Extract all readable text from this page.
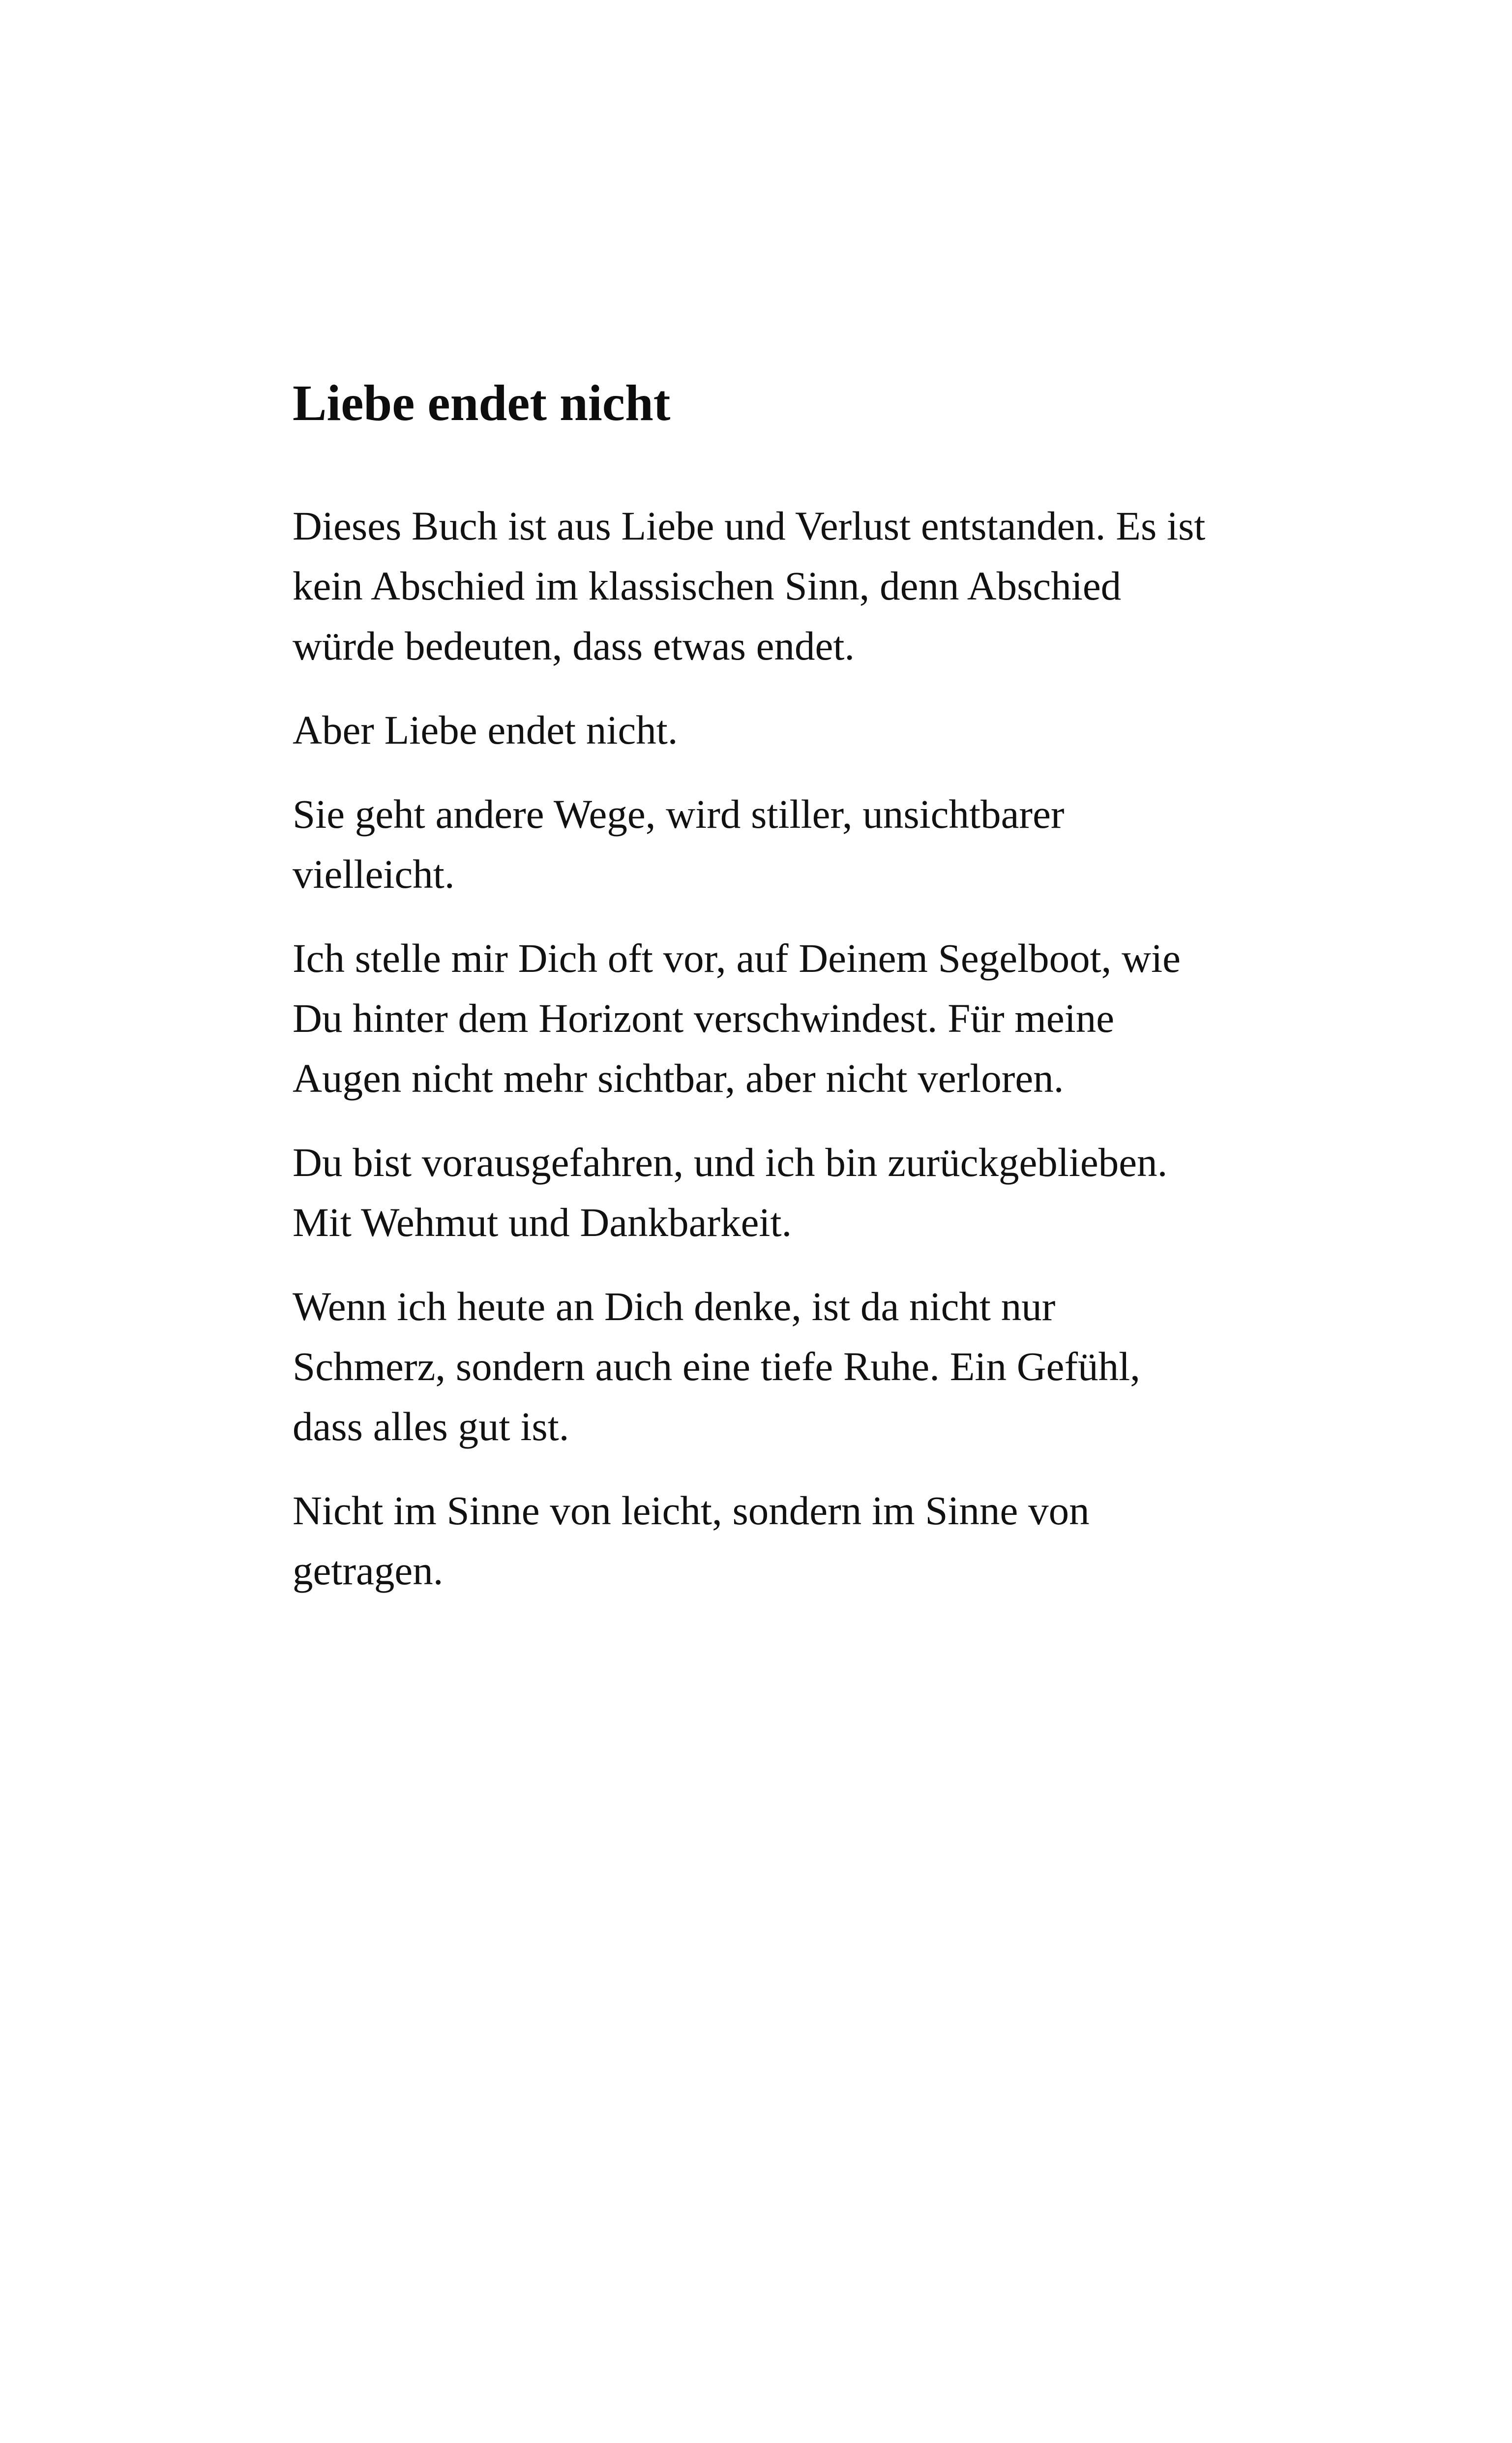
Liebe endet nicht

Dieses Buch ist aus Liebe und Verlust entstanden. Es ist
kein Abschied im klassischen Sinn, denn Abschied
würde bedeuten, dass etwas endet.

Aber Liebe endet nicht.

Sie geht andere Wege, wird stiller, unsichtbarer
vielleicht.

Ich stelle mir Dich oft vor, auf Deinem Segelboot, wie
Du hinter dem Horizont verschwindest. Für meine
Augen nicht mehr sichtbar, aber nicht verloren.

Du bist vorausgefahren, und ich bin zurückgeblieben.
Mit Wehmut und Dankbarkeit.

Wenn ich heute an Dich denke, ist da nicht nur
Schmerz, sondern auch eine tiefe Ruhe. Ein Gefühl,
dass alles gut ist.

Nicht im Sinne von leicht, sondern im Sinne von
getragen.
